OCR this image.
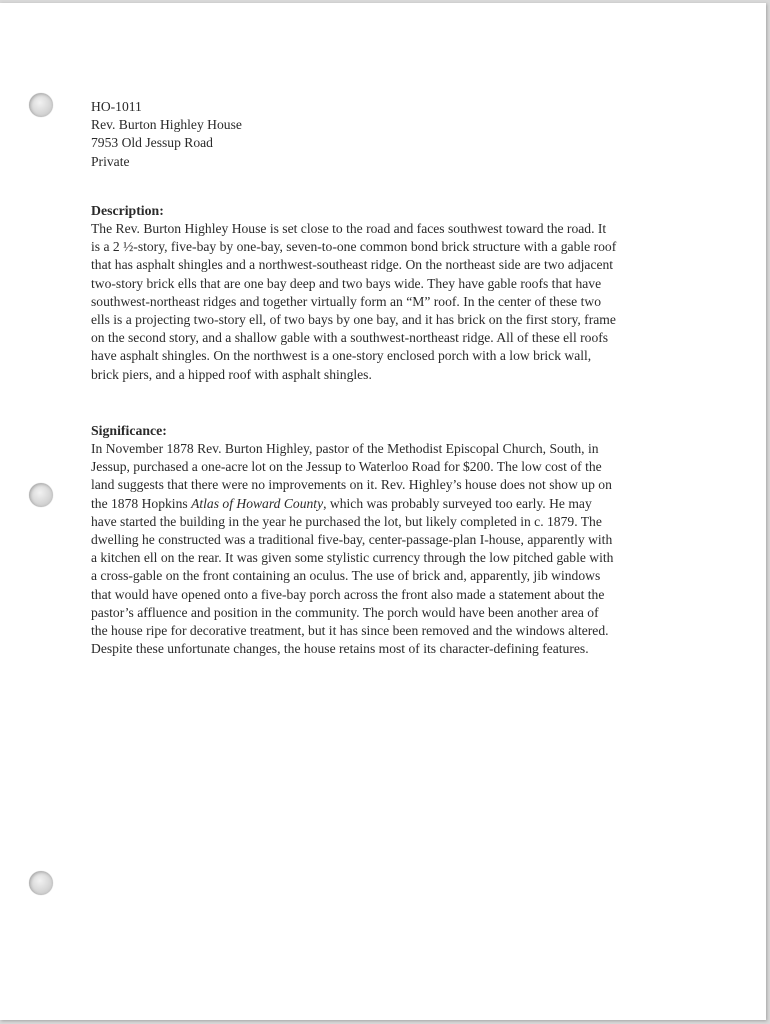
HO-1011
Rev. Burton Highley House
7953 Old Jessup Road
Private
Description:

The Rev. Burton Highley House is set close to the road and faces southwest toward the road. It
is a 2 ½-story, five-bay by one-bay, seven-to-one common bond brick structure with a gable roof
that has asphalt shingles and a northwest-southeast ridge. On the northeast side are two adjacent
two-story brick ells that are one bay deep and two bays wide. They have gable roofs that have
southwest-northeast ridges and together virtually form an “M” roof. In the center of these two
ells is a projecting two-story ell, of two bays by one bay, and it has brick on the first story, frame
on the second story, and a shallow gable with a southwest-northeast ridge. All of these ell roofs
have asphalt shingles. On the northwest is a one-story enclosed porch with a low brick wall,
brick piers, and a hipped roof with asphalt shingles.

Significance:

In November 1878 Rev. Burton Highley, pastor of the Methodist Episcopal Church, South, in
Jessup, purchased a one-acre lot on the Jessup to Waterloo Road for $200. The low cost of the
land suggests that there were no improvements on it. Rev. Highley’s house does not show up on
the 1878 Hopkins Atlas of Howard County, which was probably surveyed too early. He may
have started the building in the year he purchased the lot, but likely completed in c. 1879. The
dwelling he constructed was a traditional five-bay, center-passage-plan I-house, apparently with
a kitchen ell on the rear. It was given some stylistic currency through the low pitched gable with
a cross-gable on the front containing an oculus. The use of brick and, apparently, jib windows
that would have opened onto a five-bay porch across the front also made a statement about the
pastor’s affluence and position in the community. The porch would have been another area of
the house ripe for decorative treatment, but it has since been removed and the windows altered.
Despite these unfortunate changes, the house retains most of its character-defining features.
